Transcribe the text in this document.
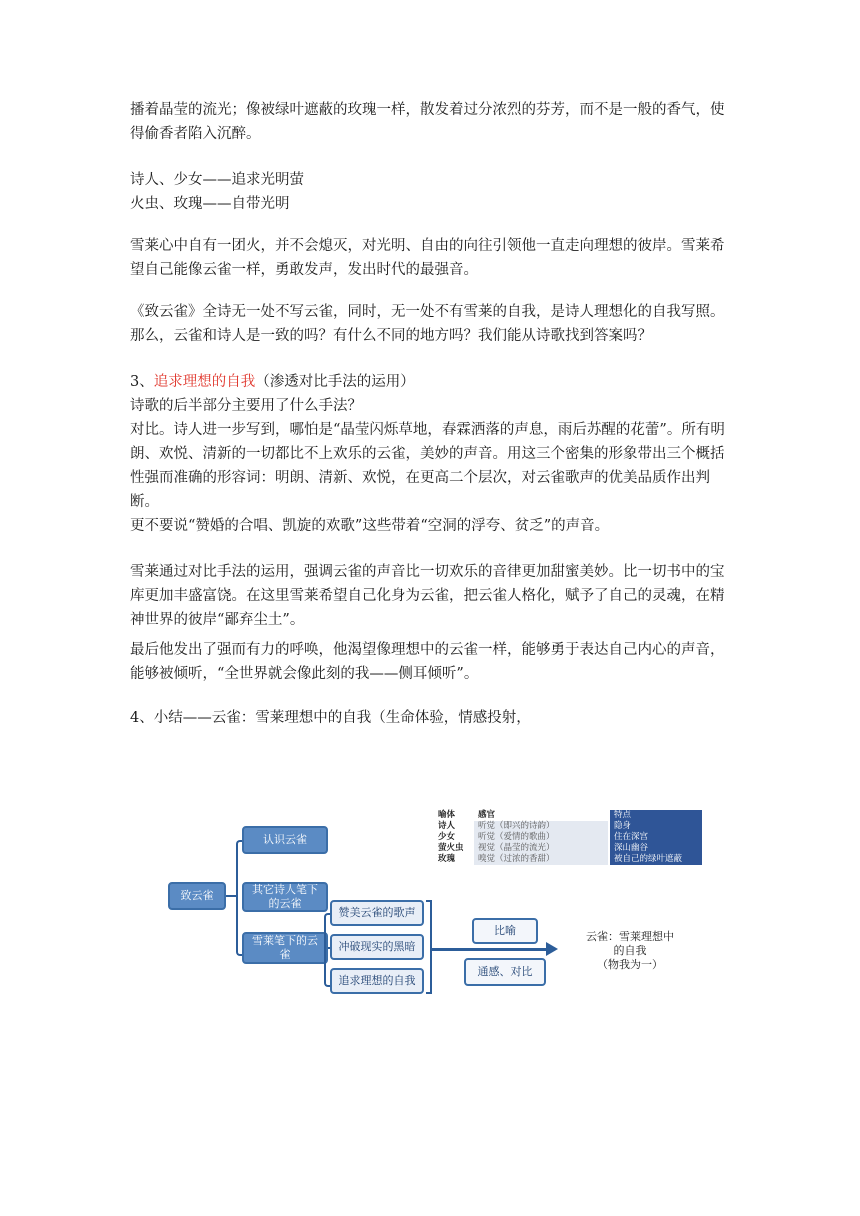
播着晶莹的流光；像被绿叶遮蔽的玫瑰一样，散发着过分浓烈的芬芳，而不是一般的香气，使得偷香者陷入沉醉。

诗人、少女——追求光明萤

火虫、玫瑰——自带光明

雪莱心中自有一团火，并不会熄灭，对光明、自由的向往引领他一直走向理想的彼岸。雪莱希望自己能像云雀一样，勇敢发声，发出时代的最强音。

《致云雀》全诗无一处不写云雀，同时，无一处不有雪莱的自我，是诗人理想化的自我写照。那么，云雀和诗人是一致的吗？有什么不同的地方吗？我们能从诗歌找到答案吗？

3、追求理想的自我（渗透对比手法的运用）

诗歌的后半部分主要用了什么手法？

对比。诗人进一步写到，哪怕是“晶莹闪烁草地，春霖洒落的声息，雨后苏醒的花蕾”。所有明朗、欢悦、清新的一切都比不上欢乐的云雀，美妙的声音。用这三个密集的形象带出三个概括性强而准确的形容词：明朗、清新、欢悦，在更高二个层次，对云雀歌声的优美品质作出判断。

更不要说“赞婚的合唱、凯旋的欢歌”这些带着“空洞的浮夸、贫乏”的声音。

雪莱通过对比手法的运用，强调云雀的声音比一切欢乐的音律更加甜蜜美妙。比一切书中的宝库更加丰盛富饶。在这里雪莱希望自己化身为云雀，把云雀人格化，赋予了自己的灵魂，在精神世界的彼岸“鄙弃尘土”。

最后他发出了强而有力的呼唤，他渴望像理想中的云雀一样，能够勇于表达自己内心的声音，能够被倾听，“全世界就会像此刻的我——侧耳倾听”。

4、小结——云雀：雪莱理想中的自我（生命体验，情感投射，

致云雀
认识云雀
其它诗人笔下的云雀
雪莱笔下的云雀
赞美云雀的歌声
冲破现实的黑暗
追求理想的自我
喻体	感官	特点
诗人	听觉（即兴的诗韵）	隐身
少女	听觉（爱情的歌曲）	住在深宫
萤火虫	视觉（晶莹的流光）	深山幽谷
玫瑰	嗅觉（过浓的香甜）	被自己的绿叶遮蔽
比喻
通感、对比
云雀：雪莱理想中
的自我
（物我为一）
